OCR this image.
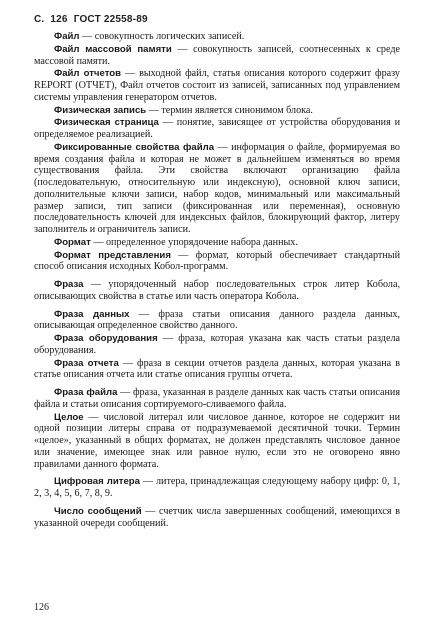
С. 126 ГОСТ 22558-89

Файл — совокупность логических записей.

Файл массовой памяти — совокупность записей, соотнесенных к среде массовой памяти.

Файл отчетов — выходной файл, статья описания которого содержит фразу REPORT (ОТЧЕТ), Файл отчетов состоит из записей, записанных под управлением системы управления генератором отчетов.

Физическая запись — термин является синонимом блока.

Физическая страница — понятие, зависящее от устройства оборудования и определяемое реализацией.

Фиксированные свойства файла — информация о файле, формируемая во время создания файла и которая не может в дальнейшем изменяться во время существования файла. Эти свойства включают организацию файла (последовательную, относительную или индексную), основной ключ записи, дополнительные ключи записи, набор кодов, минимальный или максимальный размер записи, тип записи (фиксированная или переменная), основную последовательность ключей для индексных файлов, блокирующий фактор, литеру заполнитель и ограничитель записи.

Формат — определенное упорядочение набора данных.

Формат представления — формат, который обеспечивает стандартный способ описания исходных Кобол-программ.

Фраза — упорядоченный набор последовательных строк литер Кобола, описывающих свойства в статье или часть оператора Кобола.

Фраза данных — фраза статьи описания данного раздела данных, описывающая определенное свойство данного.

Фраза оборудования — фраза, которая указана как часть статьи раздела оборудования.

Фраза отчета — фраза в секции отчетов раздела данных, которая указана в статье описания отчета или статье описания группы отчета.

Фраза файла — фраза, указанная в разделе данных как часть статьи описания файла и статьи описания сортируемого-сливаемого файла.

Целое — числовой литерал или числовое данное, которое не содержит ни одной позиции литеры справа от подразумеваемой десятичной точки. Термин «целое», указанный в общих форматах, не должен представлять числовое данное или значение, имеющее знак или равное нулю, если это не оговорено явно правилами данного формата.

Цифровая литера — литера, принадлежащая следующему набору цифр: 0, 1, 2, 3, 4, 5, 6, 7, 8, 9.

Число сообщений — счетчик числа завершенных сообщений, имеющихся в указанной очереди сообщений.

126
